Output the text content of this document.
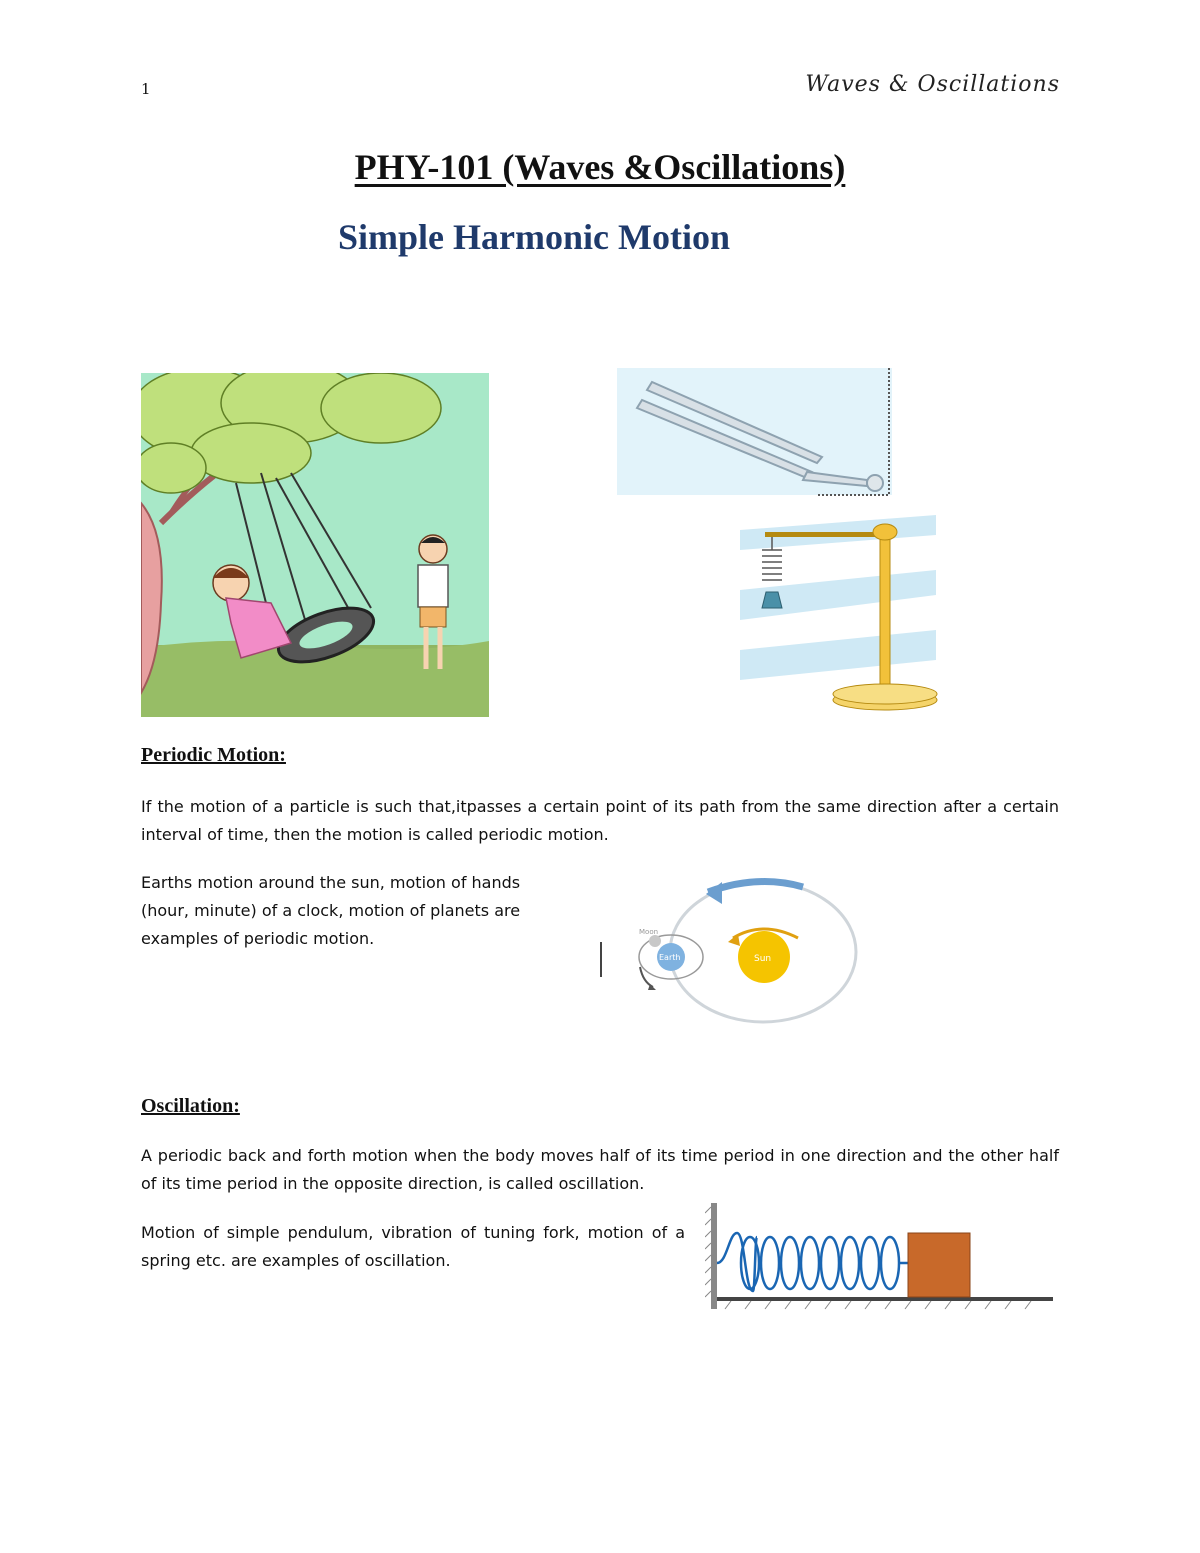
1	Waves & Oscillations
PHY-101 (Waves &Oscillations)
Simple Harmonic Motion
Periodic Motion:
If the motion of a particle is such that,itpasses a certain point of its path from the same direction after a certain interval of time, then the motion is called periodic motion.
Earths motion around the sun, motion of hands (hour, minute) of a clock, motion of planets are examples of periodic motion.
Sun
Earth
Moon
Oscillation:
A periodic back and forth motion when the body moves half of its time period in one direction and the other half of its time period in the opposite direction, is called oscillation.
Motion of simple pendulum, vibration of tuning fork, motion of a spring etc. are examples of oscillation.
